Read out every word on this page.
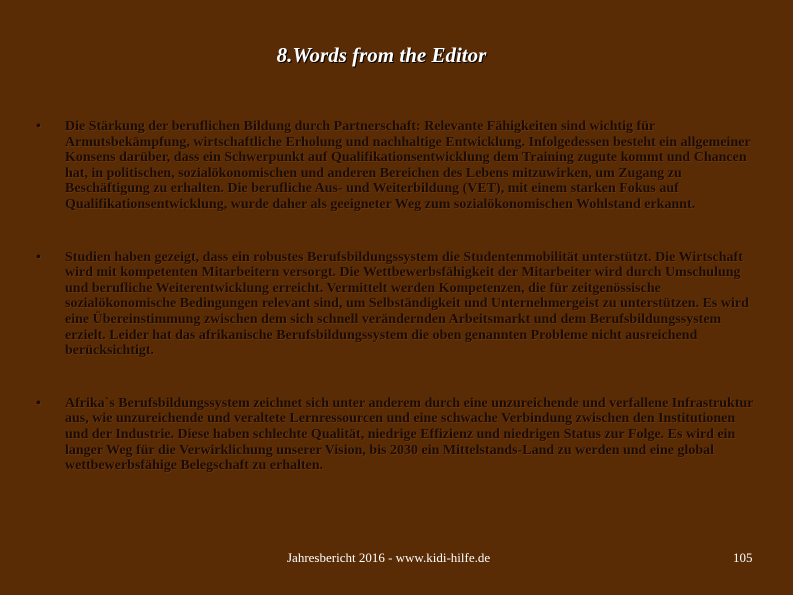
8.Words from the Editor
•	Die Stärkung der beruflichen Bildung durch Partnerschaft: Relevante Fähigkeiten sind wichtig für Armutsbekämpfung, wirtschaftliche Erholung und nachhaltige Entwicklung. Infolgedessen besteht ein allgemeiner Konsens darüber, dass ein Schwerpunkt auf Qualifikationsentwicklung dem Training zugute kommt und Chancen hat, in politischen, sozialökonomischen und anderen Bereichen des Lebens mitzuwirken, um Zugang zu Beschäftigung zu erhalten. Die berufliche Aus- und Weiterbildung (VET), mit einem starken Fokus auf Qualifikationsentwicklung, wurde daher als geeigneter Weg zum sozialökonomischen Wohlstand erkannt.
•	Studien haben gezeigt, dass ein robustes Berufsbildungssystem die Studentenmobilität unterstützt. Die Wirtschaft wird mit kompetenten Mitarbeitern versorgt. Die Wettbewerbsfähigkeit der Mitarbeiter wird durch Umschulung und berufliche Weiterentwicklung erreicht. Vermittelt werden Kompetenzen, die für zeitgenössische sozialökonomische Bedingungen relevant sind, um Selbständigkeit und Unternehmergeist zu unterstützen. Es wird eine Übereinstimmung zwischen dem sich schnell verändernden Arbeitsmarkt und dem Berufsbildungssystem erzielt. Leider hat das afrikanische Berufsbildungssystem die oben genannten Probleme nicht ausreichend berücksichtigt.
•	Afrika`s Berufsbildungssystem zeichnet sich unter anderem durch eine unzureichende und verfallene Infrastruktur aus, wie unzureichende und veraltete Lernressourcen und eine schwache Verbindung zwischen den Institutionen und der Industrie. Diese haben schlechte Qualität, niedrige Effizienz und niedrigen Status zur Folge. Es wird ein langer Weg für die Verwirklichung unserer Vision, bis 2030 ein Mittelstands-Land zu werden und eine global wettbewerbsfähige Belegschaft zu erhalten.
Jahresbericht 2016 - www.kidi-hilfe.de	105
